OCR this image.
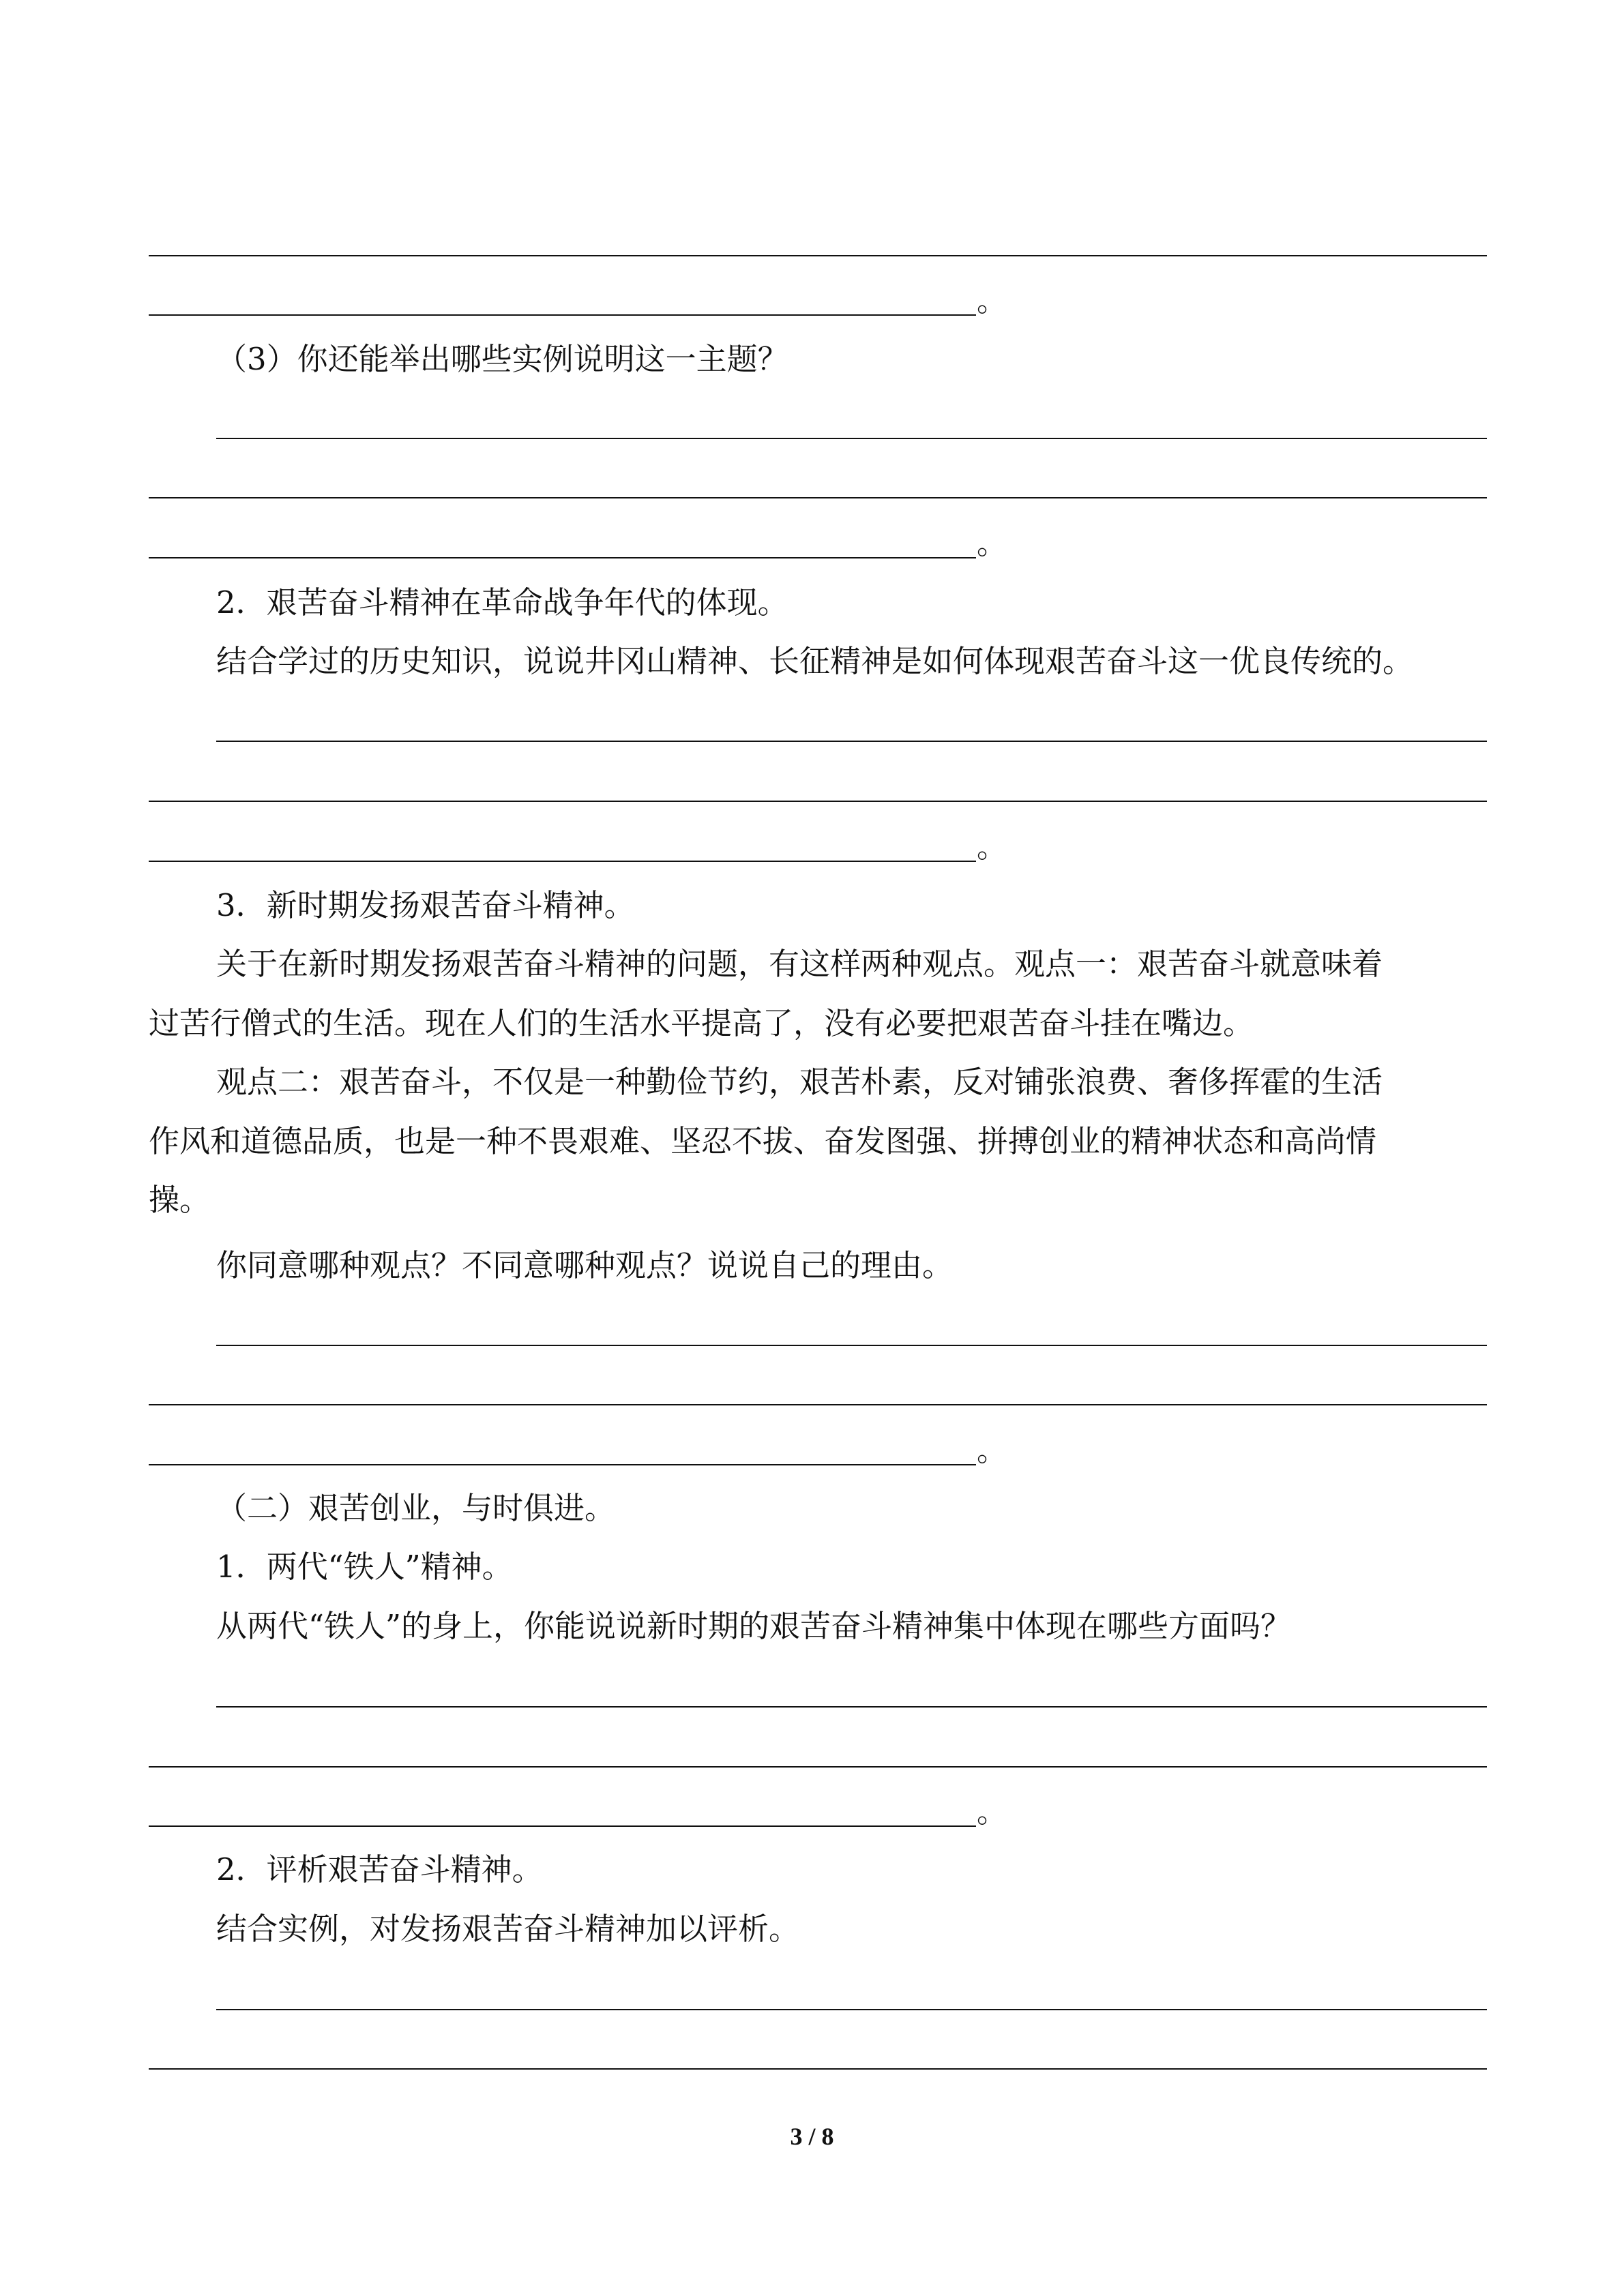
。
（3）你还能举出哪些实例说明这一主题？
。
2．艰苦奋斗精神在革命战争年代的体现。
结合学过的历史知识，说说井冈山精神、长征精神是如何体现艰苦奋斗这一优良传统的。
。
3．新时期发扬艰苦奋斗精神。
关于在新时期发扬艰苦奋斗精神的问题，有这样两种观点。观点一：艰苦奋斗就意味着
过苦行僧式的生活。现在人们的生活水平提高了，没有必要把艰苦奋斗挂在嘴边。
观点二：艰苦奋斗，不仅是一种勤俭节约，艰苦朴素，反对铺张浪费、奢侈挥霍的生活
作风和道德品质，也是一种不畏艰难、坚忍不拔、奋发图强、拼搏创业的精神状态和高尚情
操。
你同意哪种观点？不同意哪种观点？说说自己的理由。
。
（二）艰苦创业，与时俱进。
1．两代“铁人”精神。
从两代“铁人”的身上，你能说说新时期的艰苦奋斗精神集中体现在哪些方面吗？
。
2．评析艰苦奋斗精神。
结合实例，对发扬艰苦奋斗精神加以评析。
3 / 8
